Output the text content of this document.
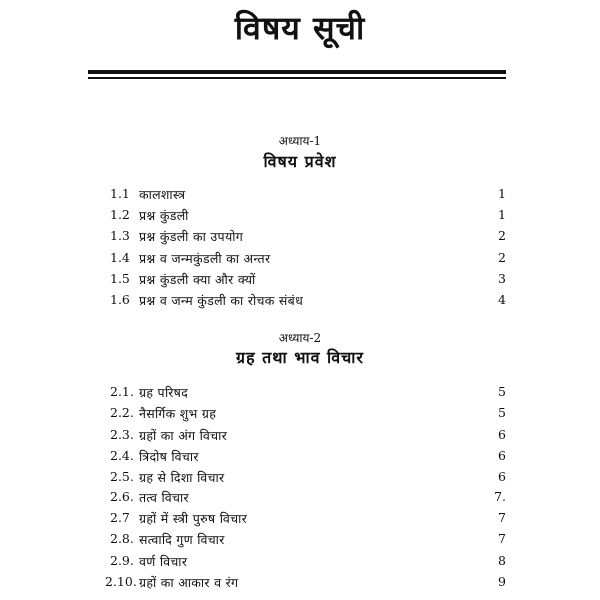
विषय सूची
अध्याय-1
विषय प्रवेश
1.1 कालशास्त्र	1
1.2 प्रश्न कुंडली	1
1.3 प्रश्न कुंडली का उपयोग	2
1.4 प्रश्न व जन्मकुंडली का अन्तर	2
1.5 प्रश्न कुंडली क्या और क्यों	3
1.6 प्रश्न व जन्म कुंडली का रोचक संबंध	4
अध्याय-2
ग्रह तथा भाव विचार
2.1. ग्रह परिषद	5
2.2. नैसर्गिक शुभ ग्रह	5
2.3. ग्रहों का अंग विचार	6
2.4. त्रिदोष विचार	6
2.5. ग्रह से दिशा विचार	6
2.6. तत्व विचार	7.
2.7 ग्रहों में स्त्री पुरुष विचार	7
2.8. सत्वादि गुण विचार	7
2.9. वर्ण विचार	8
2.10. ग्रहों का आकार व रंग	9
